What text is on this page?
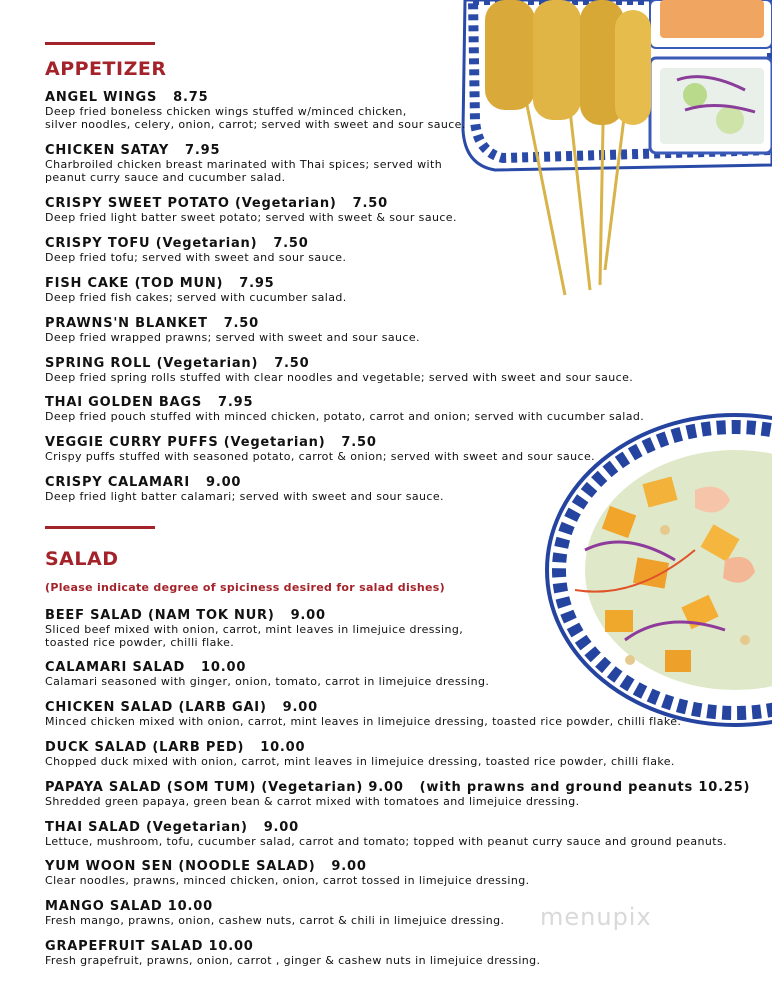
APPETIZER
ANGEL WINGS   8.75
Deep fried boneless chicken wings stuffed w/minced chicken,
silver noodles, celery, onion, carrot; served with sweet and sour sauce.
CHICKEN SATAY   7.95
Charbroiled chicken breast marinated with Thai spices; served with
peanut curry sauce and cucumber salad.
CRISPY SWEET POTATO (Vegetarian)   7.50
Deep fried light batter sweet potato; served with sweet & sour sauce.
CRISPY TOFU (Vegetarian)   7.50
Deep fried tofu; served with sweet and sour sauce.
FISH CAKE (TOD MUN)   7.95
Deep fried fish cakes; served with cucumber salad.
PRAWNS'N BLANKET   7.50
Deep fried wrapped prawns; served with sweet and sour sauce.
SPRING ROLL (Vegetarian)   7.50
Deep fried spring rolls stuffed with clear noodles and vegetable; served with sweet and sour sauce.
THAI GOLDEN BAGS   7.95
Deep fried pouch stuffed with minced chicken, potato, carrot and onion; served with cucumber salad.
VEGGIE CURRY PUFFS (Vegetarian)   7.50
Crispy puffs stuffed with seasoned potato, carrot & onion; served with sweet and sour sauce.
CRISPY CALAMARI   9.00
Deep fried light batter calamari; served with sweet and sour sauce.
SALAD
(Please indicate degree of spiciness desired for salad dishes)
BEEF SALAD (NAM TOK NUR)   9.00
Sliced beef mixed with onion, carrot, mint leaves in limejuice dressing,
toasted rice powder, chilli flake.
CALAMARI SALAD   10.00
Calamari seasoned with ginger, onion, tomato, carrot in limejuice dressing.
CHICKEN SALAD (LARB GAI)   9.00
Minced chicken mixed with onion, carrot, mint leaves in limejuice dressing, toasted rice powder, chilli flake.
DUCK SALAD (LARB PED)   10.00
Chopped duck mixed with onion, carrot, mint leaves in limejuice dressing, toasted rice powder, chilli flake.
PAPAYA SALAD (SOM TUM) (Vegetarian) 9.00   (with prawns and ground peanuts 10.25)
Shredded green papaya, green bean & carrot mixed with tomatoes and limejuice dressing.
THAI SALAD (Vegetarian)   9.00
Lettuce, mushroom, tofu, cucumber salad, carrot and tomato; topped with peanut curry sauce and ground peanuts.
YUM WOON SEN (NOODLE SALAD)   9.00
Clear noodles, prawns, minced chicken, onion, carrot tossed in limejuice dressing.
MANGO SALAD 10.00
Fresh mango, prawns, onion, cashew nuts, carrot & chili in limejuice dressing.
GRAPEFRUIT SALAD 10.00
Fresh grapefruit, prawns, onion, carrot , ginger & cashew nuts in limejuice dressing.
menupix
